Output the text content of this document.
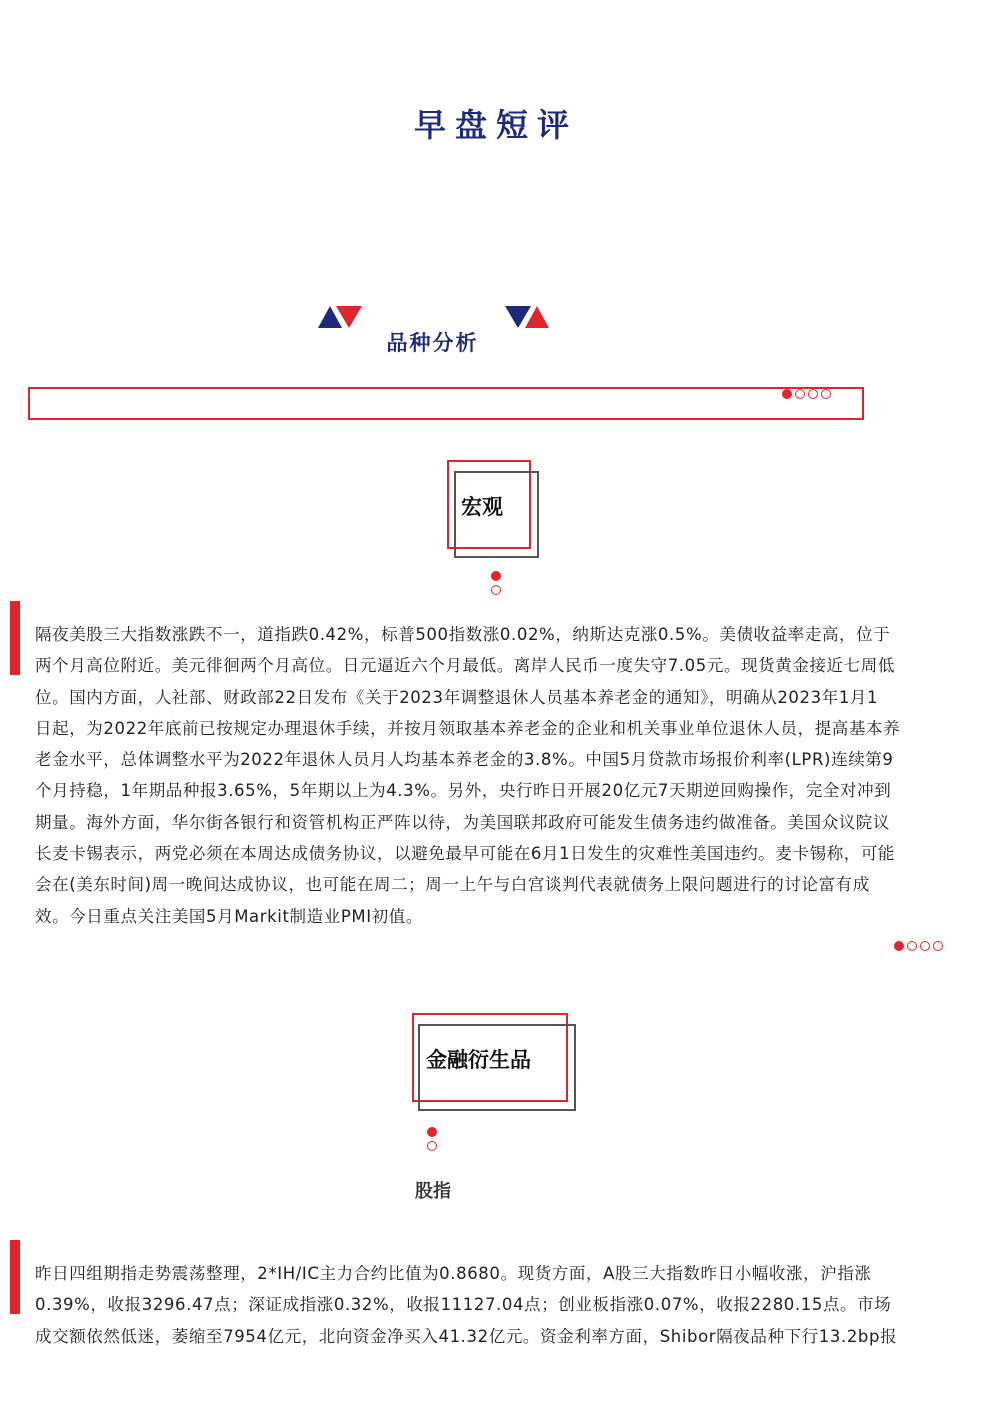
早盘短评
品种分析
宏观
隔夜美股三大指数涨跌不一，道指跌0.42%，标普500指数涨0.02%，纳斯达克涨0.5%。美债收益率走高，位于
两个月高位附近。美元徘徊两个月高位。日元逼近六个月最低。离岸人民币一度失守7.05元。现货黄金接近七周低
位。国内方面，人社部、财政部22日发布《关于2023年调整退休人员基本养老金的通知》，明确从2023年1月1
日起，为2022年底前已按规定办理退休手续，并按月领取基本养老金的企业和机关事业单位退休人员，提高基本养
老金水平，总体调整水平为2022年退休人员月人均基本养老金的3.8%。中国5月贷款市场报价利率(LPR)连续第9
个月持稳，1年期品种报3.65%，5年期以上为4.3%。另外，央行昨日开展20亿元7天期逆回购操作，完全对冲到
期量。海外方面，华尔街各银行和资管机构正严阵以待，为美国联邦政府可能发生债务违约做准备。美国众议院议
长麦卡锡表示，两党必须在本周达成债务协议，以避免最早可能在6月1日发生的灾难性美国违约。麦卡锡称，可能
会在(美东时间)周一晚间达成协议，也可能在周二；周一上午与白宫谈判代表就债务上限问题进行的讨论富有成
效。今日重点关注美国5月Markit制造业PMI初值。
金融衍生品
股指
昨日四组期指走势震荡整理，2*IH/IC主力合约比值为0.8680。现货方面，A股三大指数昨日小幅收涨，沪指涨
0.39%，收报3296.47点；深证成指涨0.32%，收报11127.04点；创业板指涨0.07%，收报2280.15点。市场
成交额依然低迷，萎缩至7954亿元，北向资金净买入41.32亿元。资金利率方面，Shibor隔夜品种下行13.2bp报
